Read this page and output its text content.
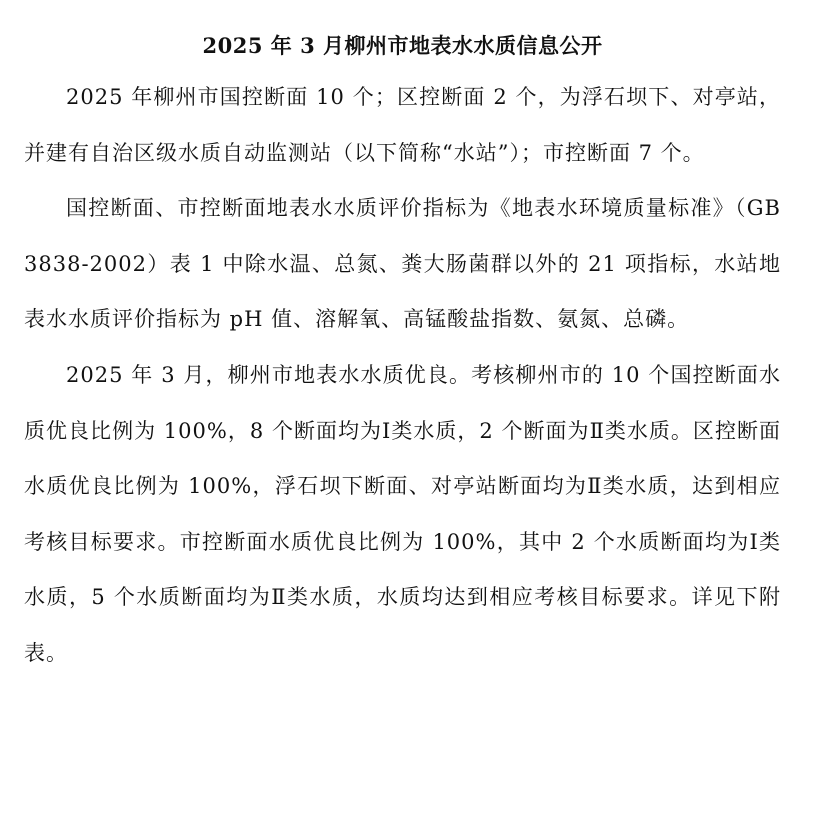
2025 年 3 月柳州市地表水水质信息公开

2025 年柳州市国控断面 10 个；区控断面 2 个，为浮石坝下、对亭站，并建有自治区级水质自动监测站（以下简称“水站”）；市控断面 7 个。

国控断面、市控断面地表水水质评价指标为《地表水环境质量标准》（GB 3838-2002）表 1 中除水温、总氮、粪大肠菌群以外的 21 项指标，水站地表水水质评价指标为 pH 值、溶解氧、高锰酸盐指数、氨氮、总磷。

2025 年 3 月，柳州市地表水水质优良。考核柳州市的 10 个国控断面水质优良比例为 100%，8 个断面均为Ⅰ类水质，2 个断面为Ⅱ类水质。区控断面水质优良比例为 100%，浮石坝下断面、对亭站断面均为Ⅱ类水质，达到相应考核目标要求。市控断面水质优良比例为 100%，其中 2 个水质断面均为Ⅰ类水质，5 个水质断面均为Ⅱ类水质，水质均达到相应考核目标要求。详见下附表。
